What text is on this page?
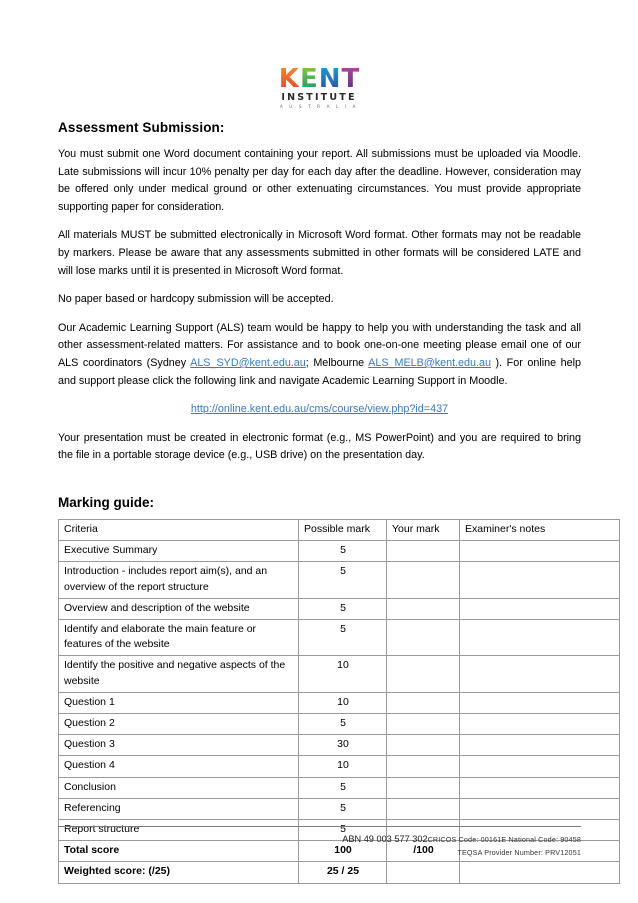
KENT
INSTITUTE
A U S T R A L I A
Assessment Submission:

You must submit one Word document containing your report. All submissions must be uploaded via Moodle. Late submissions will incur 10% penalty per day for each day after the deadline. However, consideration may be offered only under medical ground or other extenuating circumstances. You must provide appropriate supporting paper for consideration.

All materials MUST be submitted electronically in Microsoft Word format. Other formats may not be readable by markers. Please be aware that any assessments submitted in other formats will be considered LATE and will lose marks until it is presented in Microsoft Word format.

No paper based or hardcopy submission will be accepted.

Our Academic Learning Support (ALS) team would be happy to help you with understanding the task and all other assessment-related matters. For assistance and to book one-on-one meeting please email one of our ALS coordinators (Sydney ALS_SYD@kent.edu.au; Melbourne ALS_MELB@kent.edu.au ). For online help and support please click the following link and navigate Academic Learning Support in Moodle.

http://online.kent.edu.au/cms/course/view.php?id=437

Your presentation must be created in electronic format (e.g., MS PowerPoint) and you are required to bring the file in a portable storage device (e.g., USB drive) on the presentation day.

Marking guide:
Criteria	Possible mark	Your mark	Examiner's notes
Executive Summary	5		
Introduction - includes report aim(s), and an overview of the report structure	5		
Overview and description of the website	5		
Identify and elaborate the main feature or features of the website	5		
Identify the positive and negative aspects of the website	10		
Question 1	10		
Question 2	5		
Question 3	30		
Question 4	10		
Conclusion	5		
Referencing	5		
Report structure	5		
Total score	100	/100	
Weighted score: (/25)	25 / 25		
ABN 49 003 577 302CRICOS Code: 00161E National Code: 90458
TEQSA Provider Number: PRV12051
